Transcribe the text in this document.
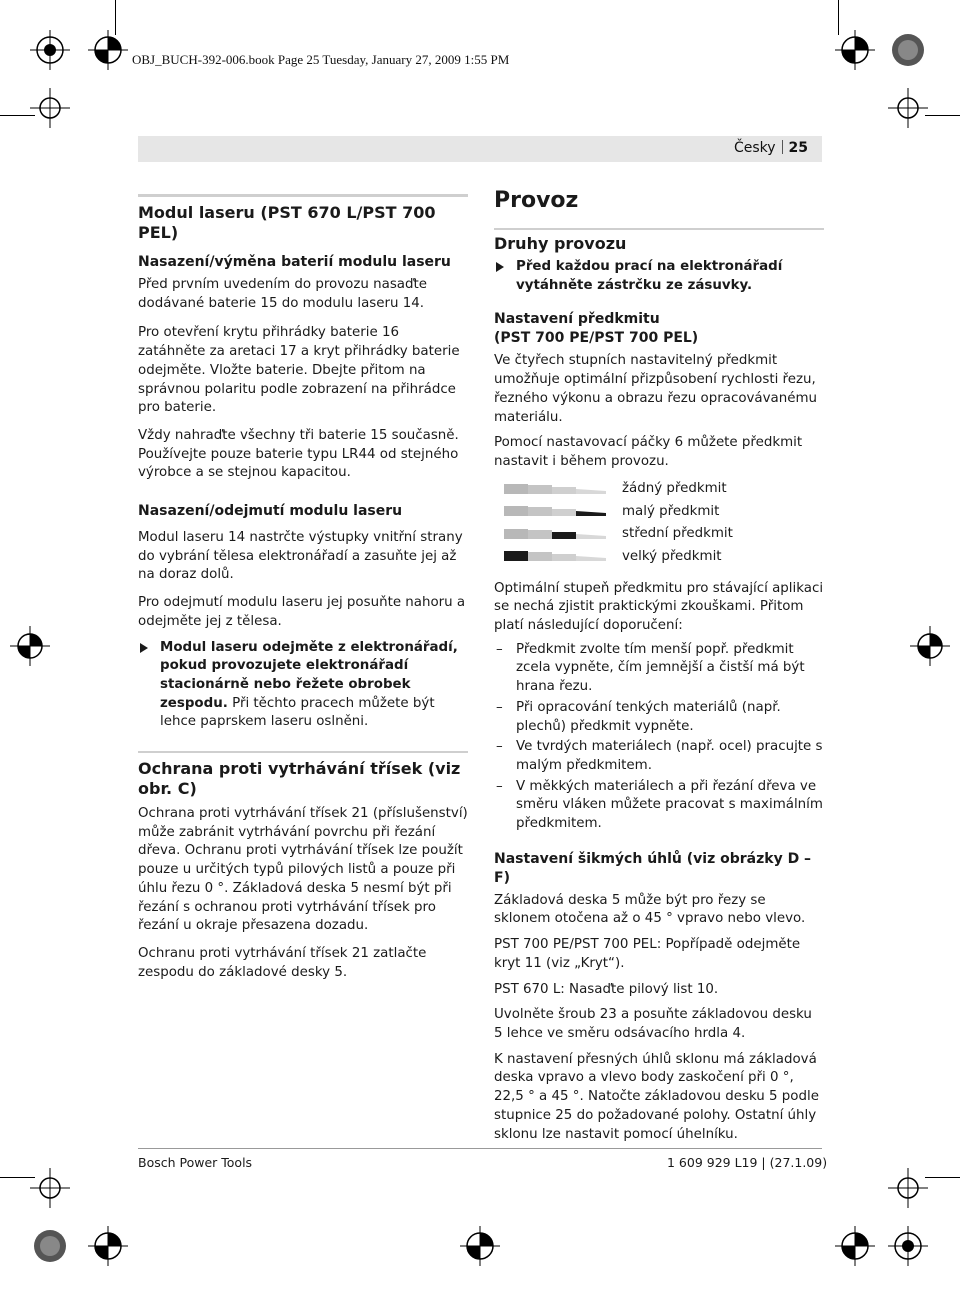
OBJ_BUCH-392-006.book Page 25 Tuesday, January 27, 2009 1:55 PM
Česky 25
Modul laseru (PST 670 L/PST 700 PEL)
Nasazení/výměna baterií modulu laseru

Před prvním uvedením do provozu nasaďte dodávané baterie 15 do modulu laseru 14.

Pro otevření krytu přihrádky baterie 16 zatáhněte za aretaci 17 a kryt přihrádky baterie odejměte. Vložte baterie. Dbejte přitom na správnou polaritu podle zobrazení na přihrádce pro baterie.

Vždy nahraďte všechny tři baterie 15 současně. Používejte pouze baterie typu LR44 od stejného výrobce a se stejnou kapacitou.

Nasazení/odejmutí modulu laseru

Modul laseru 14 nastrčte výstupky vnitřní strany do vybrání tělesa elektronářadí a zasuňte jej až na doraz dolů.

Pro odejmutí modulu laseru jej posuňte nahoru a odejměte jej z tělesa.

Modul laseru odejměte z elektronářadí, pokud provozujete elektronářadí stacionárně nebo řežete obrobek zespodu. Při těchto pracech můžete být lehce paprskem laseru oslněni.

Ochrana proti vytrhávání třísek (viz obr. C)

Ochrana proti vytrhávání třísek 21 (příslušenství) může zabránit vytrhávání povrchu při řezání dřeva. Ochranu proti vytrhávání třísek lze použít pouze u určitých typů pilových listů a pouze při úhlu řezu 0 °. Základová deska 5 nesmí být při řezání s ochranou proti vytrhávání třísek pro řezání u okraje přesazena dozadu.

Ochranu proti vytrhávání třísek 21 zatlačte zespodu do základové desky 5.

Provoz
Druhy provozu

Před každou prací na elektronářadí vytáhněte zástrčku ze zásuvky.

Nastavení předkmitu
(PST 700 PE/PST 700 PEL)

Ve čtyřech stupních nastavitelný předkmit umožňuje optimální přizpůsobení rychlosti řezu, řezného výkonu a obrazu řezu opracovávanému materiálu.

Pomocí nastavovací páčky 6 můžete předkmit nastavit i během provozu.

žádný předkmit
malý předkmit
střední předkmit
velký předkmit

Optimální stupeň předkmitu pro stávající aplikaci se nechá zjistit praktickými zkouškami. Přitom platí následující doporučení:

– Předkmit zvolte tím menší popř. předkmit zcela vypněte, čím jemnější a čistší má být hrana řezu.
– Při opracování tenkých materiálů (např. plechů) předkmit vypněte.
– Ve tvrdých materiálech (např. ocel) pracujte s malým předkmitem.
– V měkkých materiálech a při řezání dřeva ve směru vláken můžete pracovat s maximálním předkmitem.
Nastavení šikmých úhlů (viz obrázky D – F)

Základová deska 5 může být pro řezy se sklonem otočena až o 45 ° vpravo nebo vlevo.

PST 700 PE/PST 700 PEL: Popřípadě odejměte kryt 11 (viz „Kryt“).

PST 670 L: Nasaďte pilový list 10.

Uvolněte šroub 23 a posuňte základovou desku 5 lehce ve směru odsávacího hrdla 4.

K nastavení přesných úhlů sklonu má základová deska vpravo a vlevo body zaskočení při 0 °, 22,5 ° a 45 °. Natočte základovou desku 5 podle stupnice 25 do požadované polohy. Ostatní úhly sklonu lze nastavit pomocí úhelníku.

Bosch Power Tools	1 609 929 L19 | (27.1.09)
